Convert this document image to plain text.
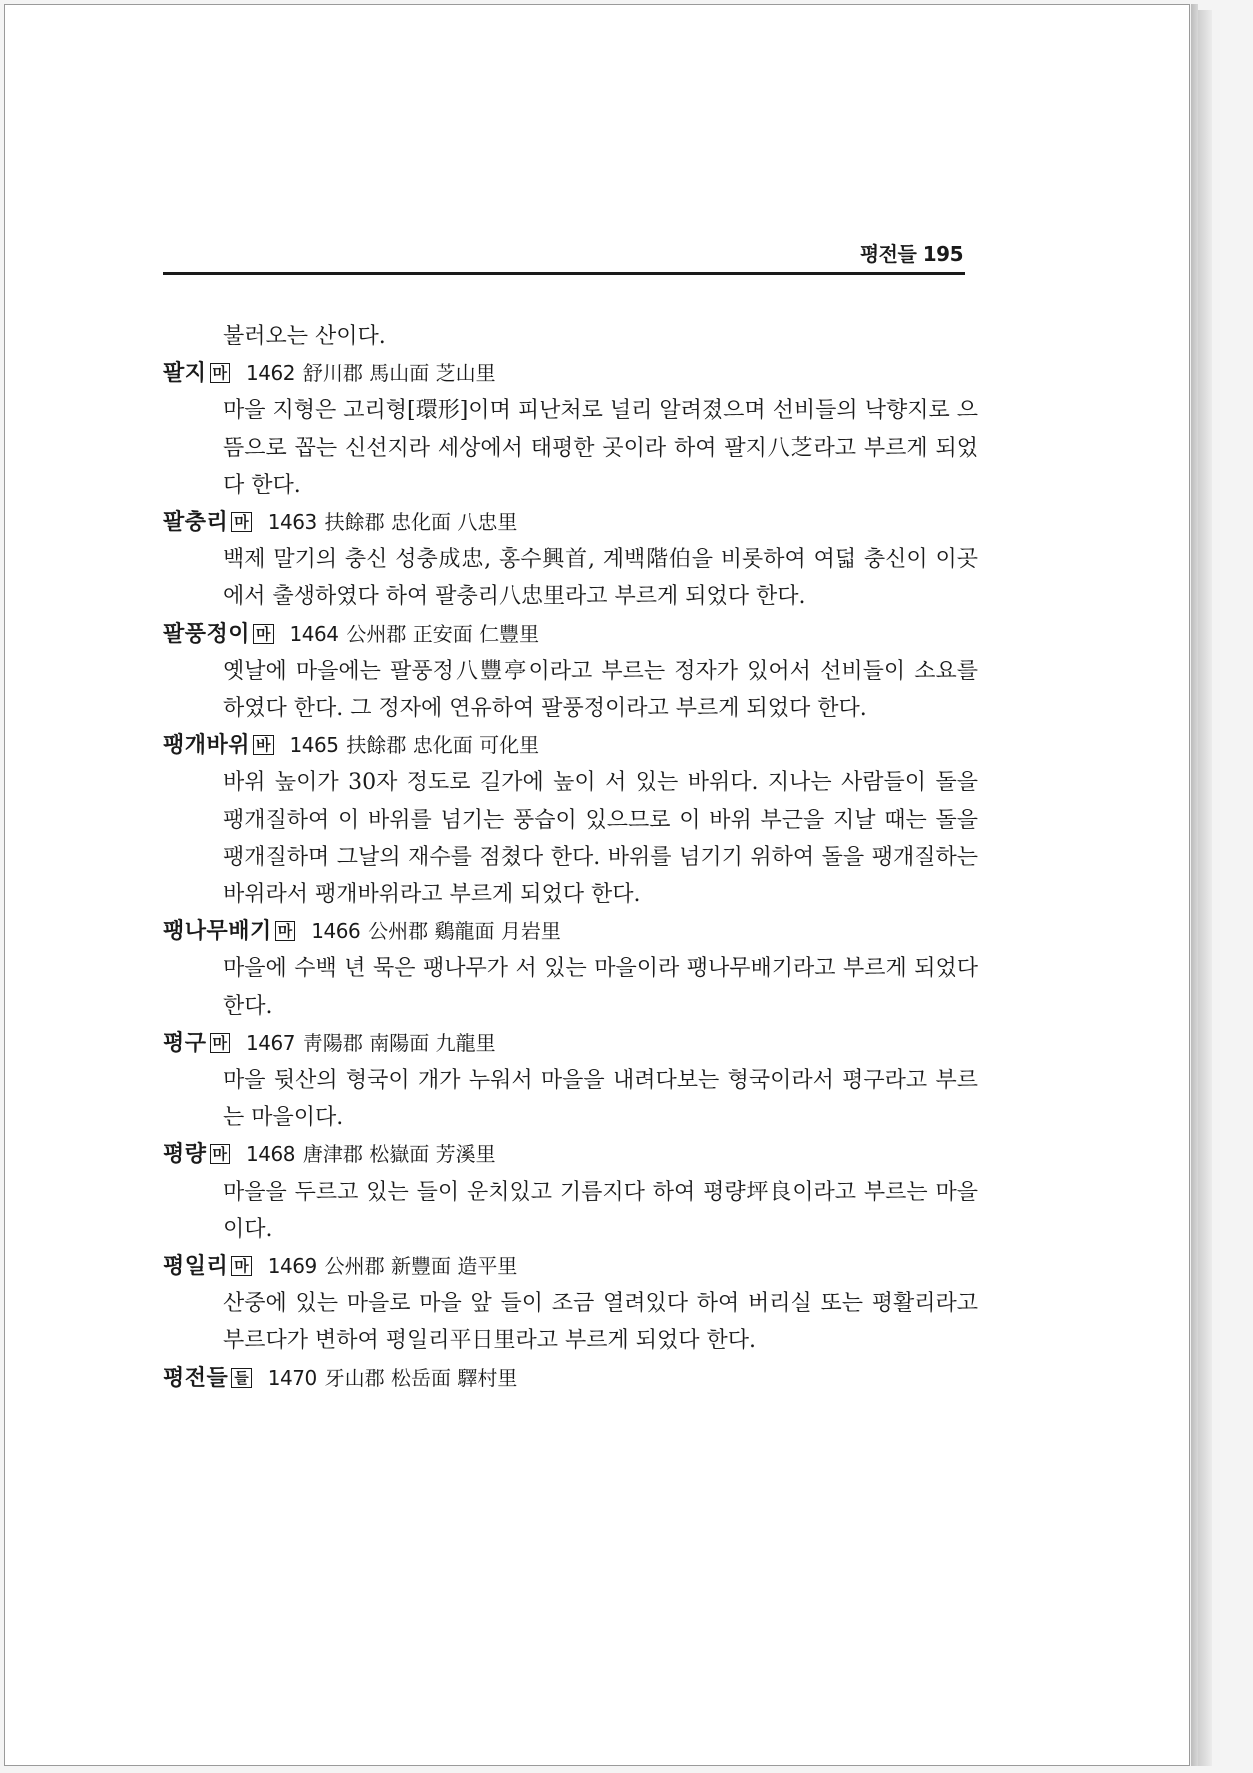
평전들 195
불러오는 산이다.
팔지 마 1462 舒川郡 馬山面 芝山里
마을 지형은 고리형[環形]이며 피난처로 널리 알려졌으며 선비들의 낙향지로 으뜸으로 꼽는 신선지라 세상에서 태평한 곳이라 하여 팔지八芝라고 부르게 되었다 한다.
팔충리 마 1463 扶餘郡 忠化面 八忠里
백제 말기의 충신 성충成忠, 홍수興首, 계백階伯을 비롯하여 여덟 충신이 이곳에서 출생하였다 하여 팔충리八忠里라고 부르게 되었다 한다.
팔풍정이 마 1464 公州郡 正安面 仁豐里
옛날에 마을에는 팔풍정八豐亭이라고 부르는 정자가 있어서 선비들이 소요를 하였다 한다. 그 정자에 연유하여 팔풍정이라고 부르게 되었다 한다.
팽개바위 바 1465 扶餘郡 忠化面 可化里
바위 높이가 30자 정도로 길가에 높이 서 있는 바위다. 지나는 사람들이 돌을 팽개질하여 이 바위를 넘기는 풍습이 있으므로 이 바위 부근을 지날 때는 돌을 팽개질하며 그날의 재수를 점쳤다 한다. 바위를 넘기기 위하여 돌을 팽개질하는 바위라서 팽개바위라고 부르게 되었다 한다.
팽나무배기 마 1466 公州郡 鷄龍面 月岩里
마을에 수백 년 묵은 팽나무가 서 있는 마을이라 팽나무배기라고 부르게 되었다 한다.
평구 마 1467 靑陽郡 南陽面 九龍里
마을 뒷산의 형국이 개가 누워서 마을을 내려다보는 형국이라서 평구라고 부르는 마을이다.
평량 마 1468 唐津郡 松嶽面 芳溪里
마을을 두르고 있는 들이 운치있고 기름지다 하여 평량坪良이라고 부르는 마을이다.
평일리 마 1469 公州郡 新豐面 造平里
산중에 있는 마을로 마을 앞 들이 조금 열려있다 하여 버리실 또는 평활리라고 부르다가 변하여 평일리平日里라고 부르게 되었다 한다.
평전들 들 1470 牙山郡 松岳面 驛村里
